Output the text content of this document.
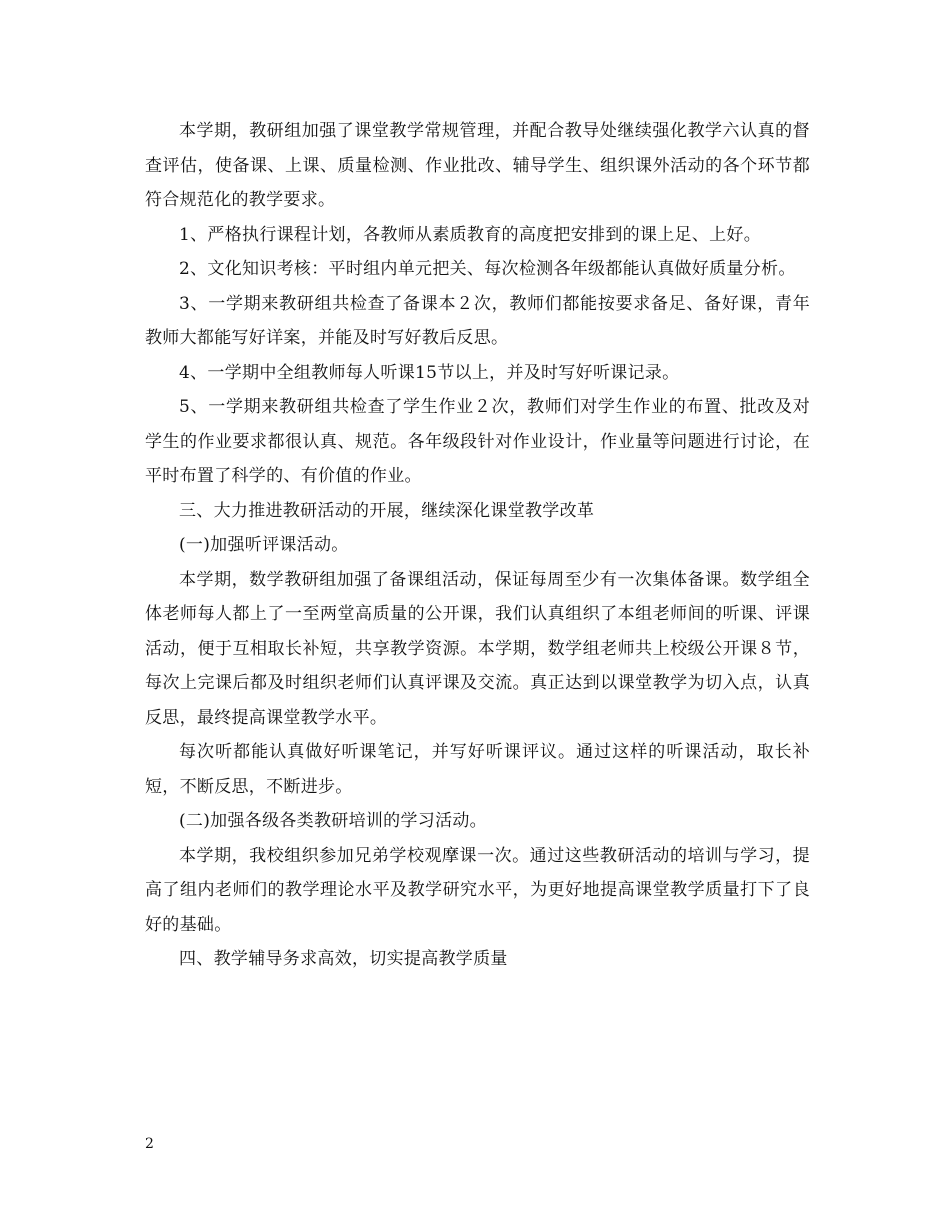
本学期，教研组加强了课堂教学常规管理，并配合教导处继续强化教学六认真的督查评估，使备课、上课、质量检测、作业批改、辅导学生、组织课外活动的各个环节都符合规范化的教学要求。

1、严格执行课程计划，各教师从素质教育的高度把安排到的课上足、上好。

2、文化知识考核：平时组内单元把关、每次检测各年级都能认真做好质量分析。

3、一学期来教研组共检查了备课本２次，教师们都能按要求备足、备好课，青年教师大都能写好详案，并能及时写好教后反思。

4、一学期中全组教师每人听课15节以上，并及时写好听课记录。

5、一学期来教研组共检查了学生作业２次，教师们对学生作业的布置、批改及对学生的作业要求都很认真、规范。各年级段针对作业设计，作业量等问题进行讨论，在平时布置了科学的、有价值的作业。

三、大力推进教研活动的开展，继续深化课堂教学改革

(一)加强听评课活动。

本学期，数学教研组加强了备课组活动，保证每周至少有一次集体备课。数学组全体老师每人都上了一至两堂高质量的公开课，我们认真组织了本组老师间的听课、评课活动，便于互相取长补短，共享教学资源。本学期，数学组老师共上校级公开课８节，每次上完课后都及时组织老师们认真评课及交流。真正达到以课堂教学为切入点，认真反思，最终提高课堂教学水平。

每次听都能认真做好听课笔记，并写好听课评议。通过这样的听课活动，取长补短，不断反思，不断进步。

(二)加强各级各类教研培训的学习活动。

本学期，我校组织参加兄弟学校观摩课一次。通过这些教研活动的培训与学习，提高了组内老师们的教学理论水平及教学研究水平，为更好地提高课堂教学质量打下了良好的基础。

四、教学辅导务求高效，切实提高教学质量

2
